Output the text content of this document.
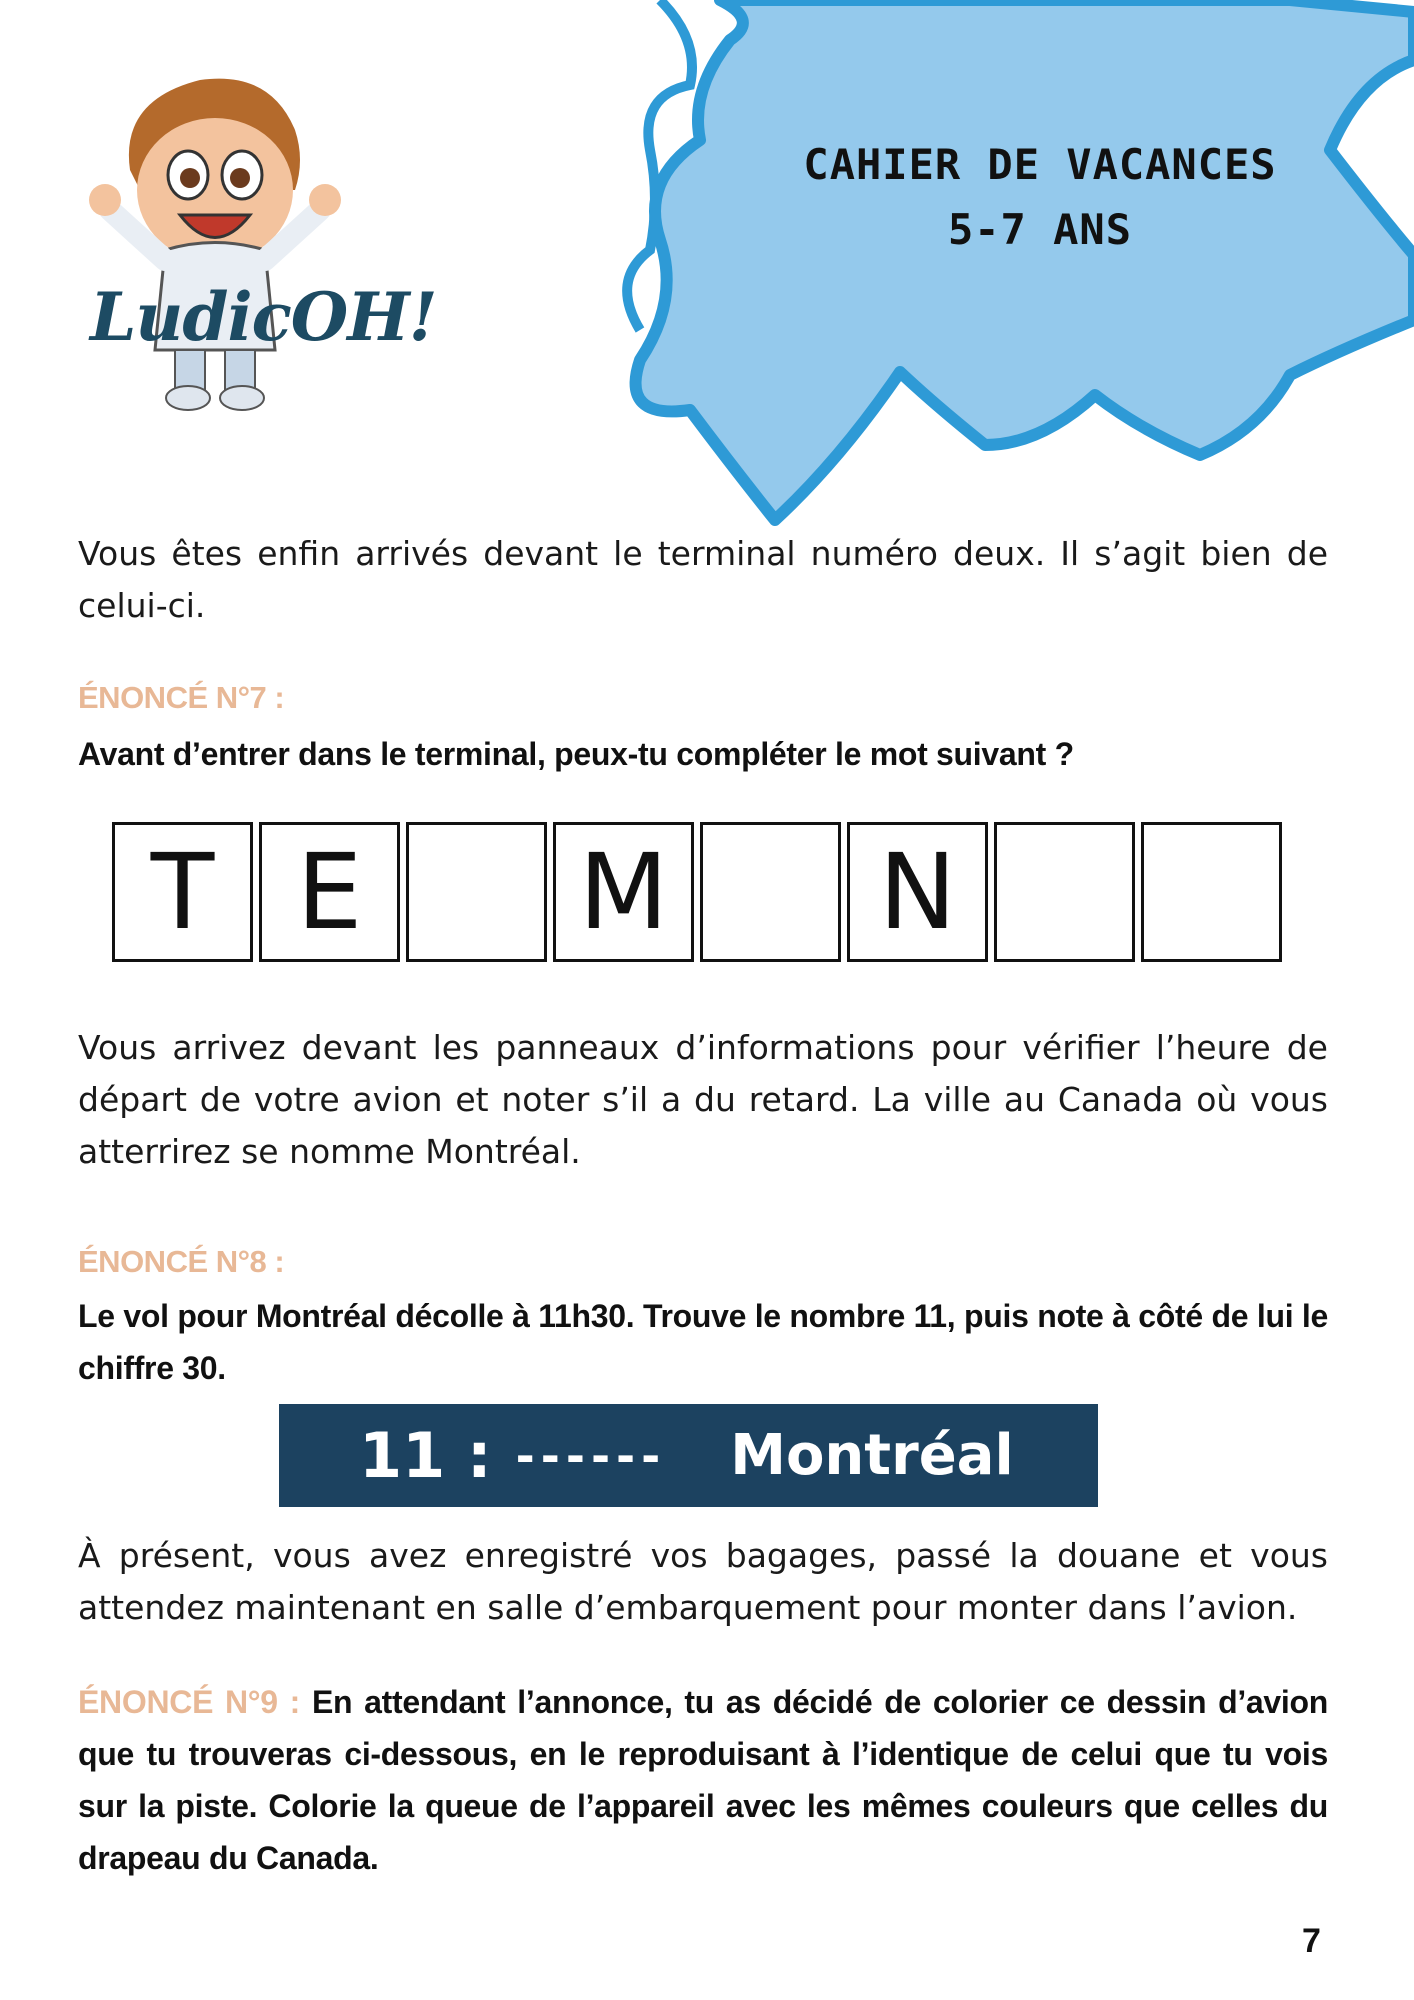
CAHIER DE VACANCES
5-7 ANS
LudicOH!
Vous êtes enfin arrivés devant le terminal numéro deux. Il s’agit bien de celui-ci.
ÉNONCÉ N°7 :
Avant d’entrer dans le terminal, peux-tu compléter le mot suivant ?
T E	M	N
Vous arrivez devant les panneaux d’informations pour vérifier l’heure de départ de votre avion et noter s’il a du retard. La ville au Canada où vous atterrirez se nomme Montréal.
ÉNONCÉ N°8 :
Le vol pour Montréal décolle à 11h30. Trouve le nombre 11, puis note à côté de lui le chiffre 30.
11 : ------ Montréal
À présent, vous avez enregistré vos bagages, passé la douane et vous attendez maintenant en salle d’embarquement pour monter dans l’avion.
ÉNONCÉ N°9 : En attendant l’annonce, tu as décidé de colorier ce dessin d’avion que tu trouveras ci-dessous, en le reproduisant à l’identique de celui que tu vois sur la piste. Colorie la queue de l’appareil avec les mêmes couleurs que celles du drapeau du Canada.
7
